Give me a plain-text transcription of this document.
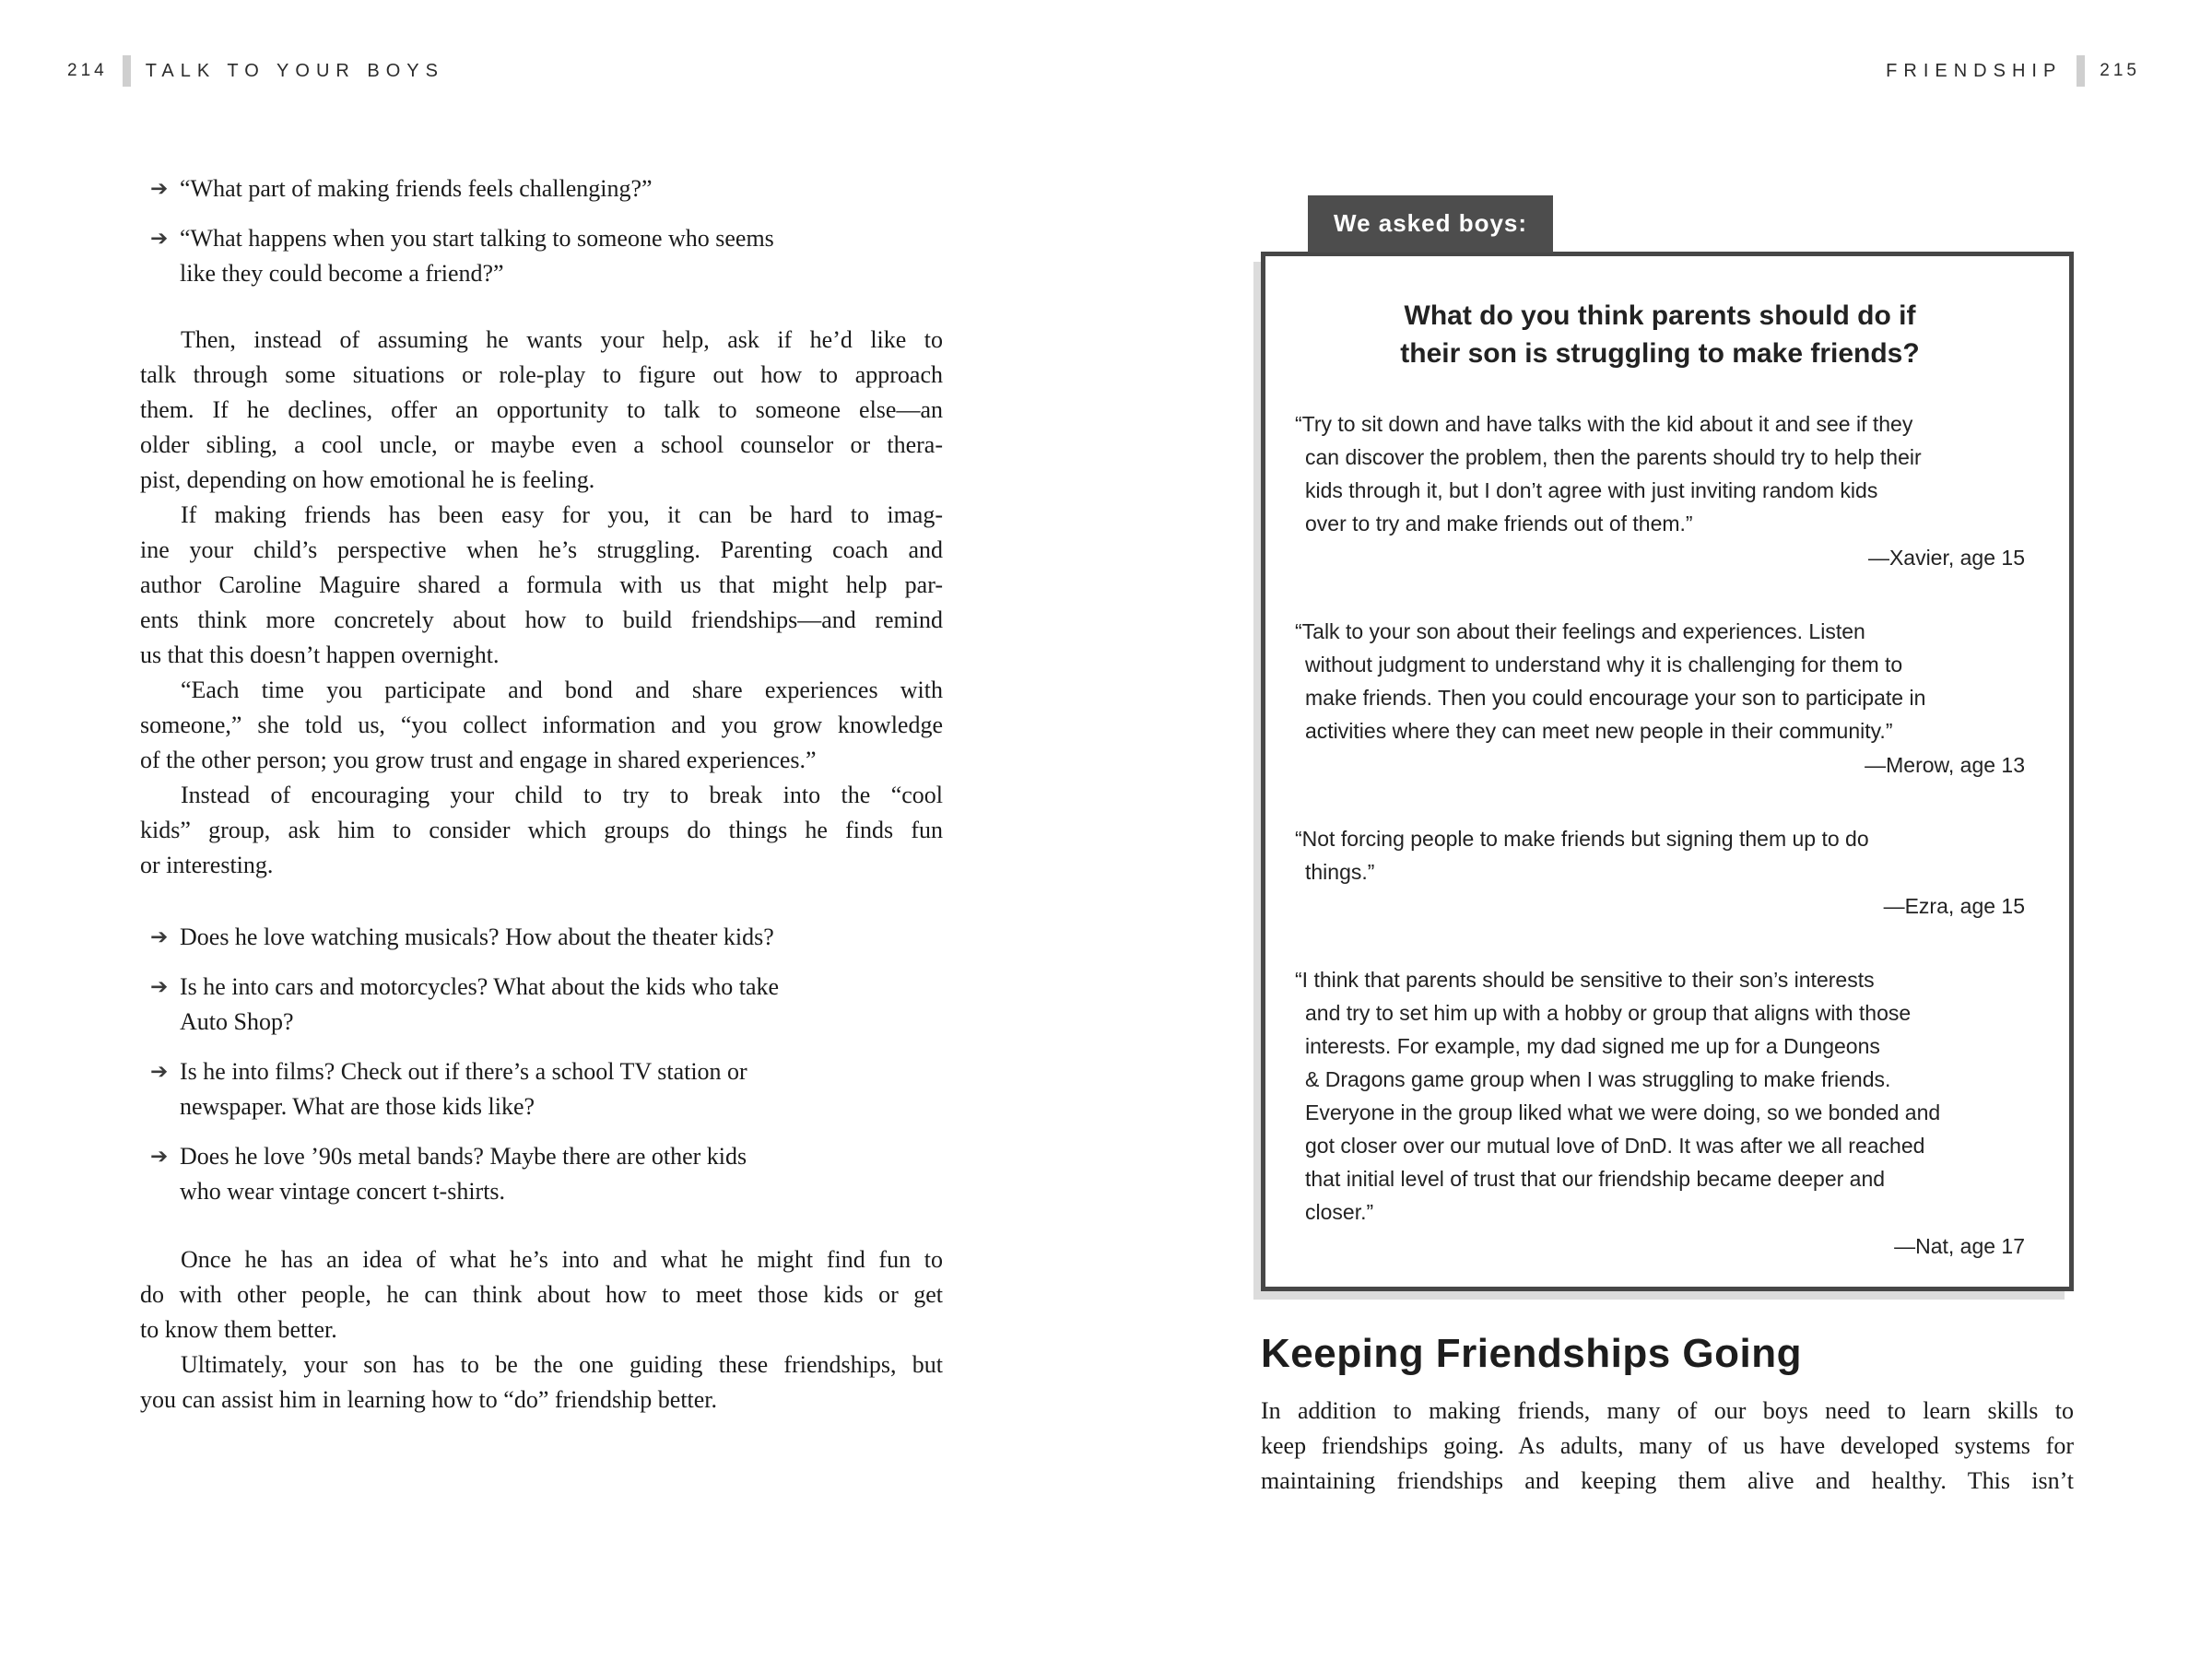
214 TALK TO YOUR BOYS	FRIENDSHIP 215
➔ “What part of making friends feels challenging?”
➔ “What happens when you start talking to someone who seems
like they could become a friend?”
Then, instead of assuming he wants your help, ask if he’d like to
talk through some situations or role-play to figure out how to approach
them. If he declines, offer an opportunity to talk to someone else—an
older sibling, a cool uncle, or maybe even a school counselor or thera-
pist, depending on how emotional he is feeling.
If making friends has been easy for you, it can be hard to imag-
ine your child’s perspective when he’s struggling. Parenting coach and
author Caroline Maguire shared a formula with us that might help par-
ents think more concretely about how to build friendships—and remind
us that this doesn’t happen overnight.
“Each time you participate and bond and share experiences with
someone,” she told us, “you collect information and you grow knowledge
of the other person; you grow trust and engage in shared experiences.”
Instead of encouraging your child to try to break into the “cool
kids” group, ask him to consider which groups do things he finds fun
or interesting.
➔ Does he love watching musicals? How about the theater kids?
➔ Is he into cars and motorcycles? What about the kids who take
Auto Shop?
➔ Is he into films? Check out if there’s a school TV station or
newspaper. What are those kids like?
➔ Does he love ’90s metal bands? Maybe there are other kids
who wear vintage concert t-shirts.
Once he has an idea of what he’s into and what he might find fun to
do with other people, he can think about how to meet those kids or get
to know them better.
Ultimately, your son has to be the one guiding these friendships, but
you can assist him in learning how to “do” friendship better.
We asked boys:
What do you think parents should do if
their son is struggling to make friends?
“Try to sit down and have talks with the kid about it and see if they
can discover the problem, then the parents should try to help their
kids through it, but I don’t agree with just inviting random kids
over to try and make friends out of them.”
—Xavier, age 15
“Talk to your son about their feelings and experiences. Listen
without judgment to understand why it is challenging for them to
make friends. Then you could encourage your son to participate in
activities where they can meet new people in their community.”
—Merow, age 13
“Not forcing people to make friends but signing them up to do
things.”
—Ezra, age 15
“I think that parents should be sensitive to their son’s interests
and try to set him up with a hobby or group that aligns with those
interests. For example, my dad signed me up for a Dungeons
& Dragons game group when I was struggling to make friends.
Everyone in the group liked what we were doing, so we bonded and
got closer over our mutual love of DnD. It was after we all reached
that initial level of trust that our friendship became deeper and
closer.”
—Nat, age 17
Keeping Friendships Going
In addition to making friends, many of our boys need to learn skills to
keep friendships going. As adults, many of us have developed systems for
maintaining friendships and keeping them alive and healthy. This isn’t
